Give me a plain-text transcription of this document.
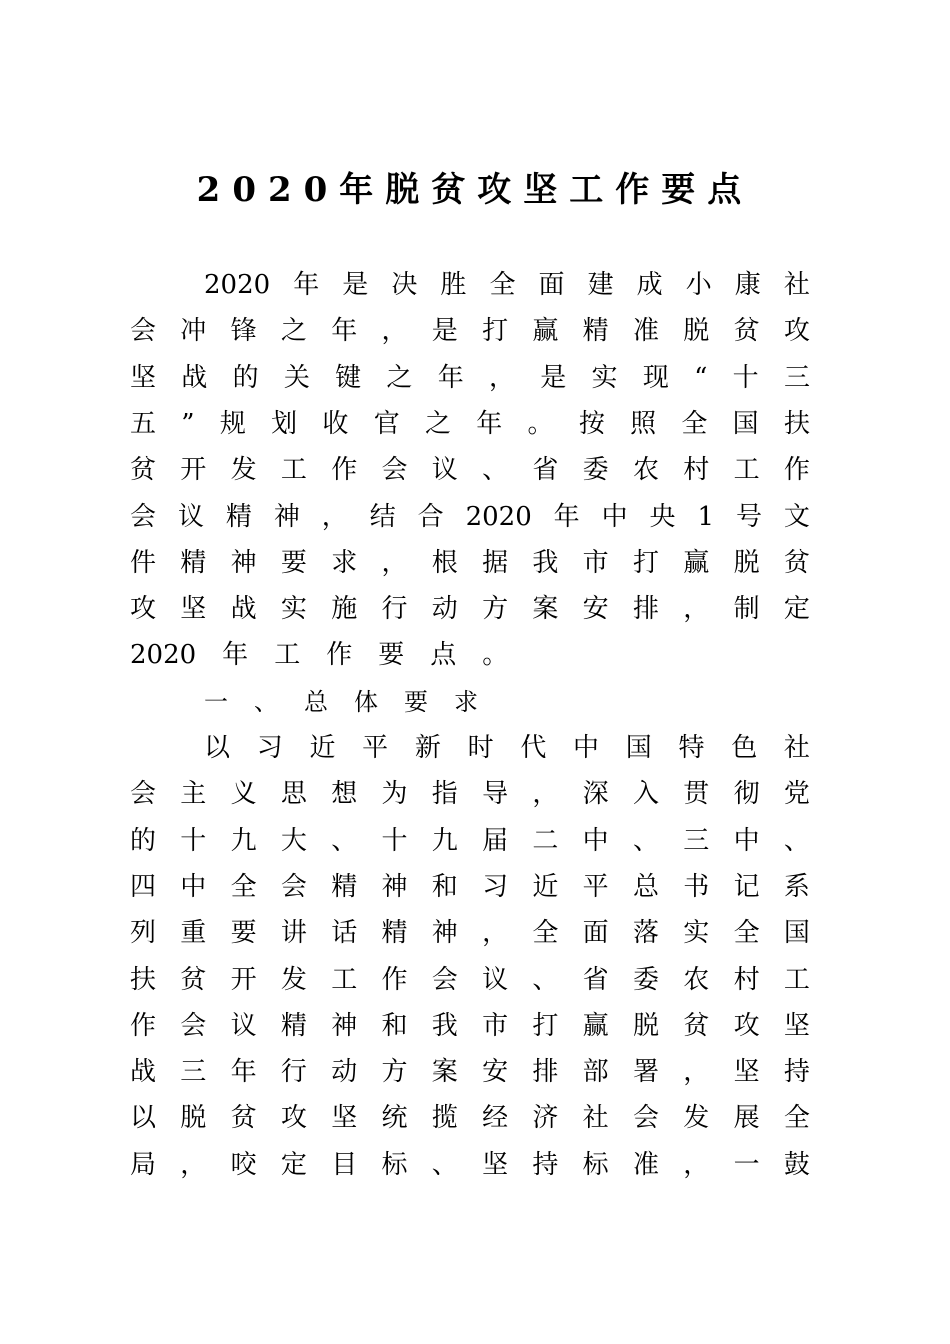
2020年脱贫攻坚工作要点
2020 年 是 决 胜 全 面 建 成 小 康 社
会 冲 锋 之 年 ， 是 打 赢 精 准 脱 贫 攻
坚 战 的 关 键 之 年 ， 是 实 现 “ 十 三
五 ” 规 划 收 官 之 年 。 按 照 全 国 扶
贫 开 发 工 作 会 议 、 省 委 农 村 工 作
会 议 精 神 ， 结 合 2020 年 中 央 1 号 文
件 精 神 要 求 ， 根 据 我 市 打 赢 脱 贫
攻 坚 战 实 施 行 动 方 案 安 排 ， 制 定
2020 年 工 作 要 点 。
一 、 总 体 要 求
以 习 近 平 新 时 代 中 国 特 色 社
会 主 义 思 想 为 指 导 ， 深 入 贯 彻 党
的 十 九 大 、 十 九 届 二 中 、 三 中 、
四 中 全 会 精 神 和 习 近 平 总 书 记 系
列 重 要 讲 话 精 神 ， 全 面 落 实 全 国
扶 贫 开 发 工 作 会 议 、 省 委 农 村 工
作 会 议 精 神 和 我 市 打 赢 脱 贫 攻 坚
战 三 年 行 动 方 案 安 排 部 署 ， 坚 持
以 脱 贫 攻 坚 统 揽 经 济 社 会 发 展 全
局 ， 咬 定 目 标 、 坚 持 标 准 ， 一 鼓
